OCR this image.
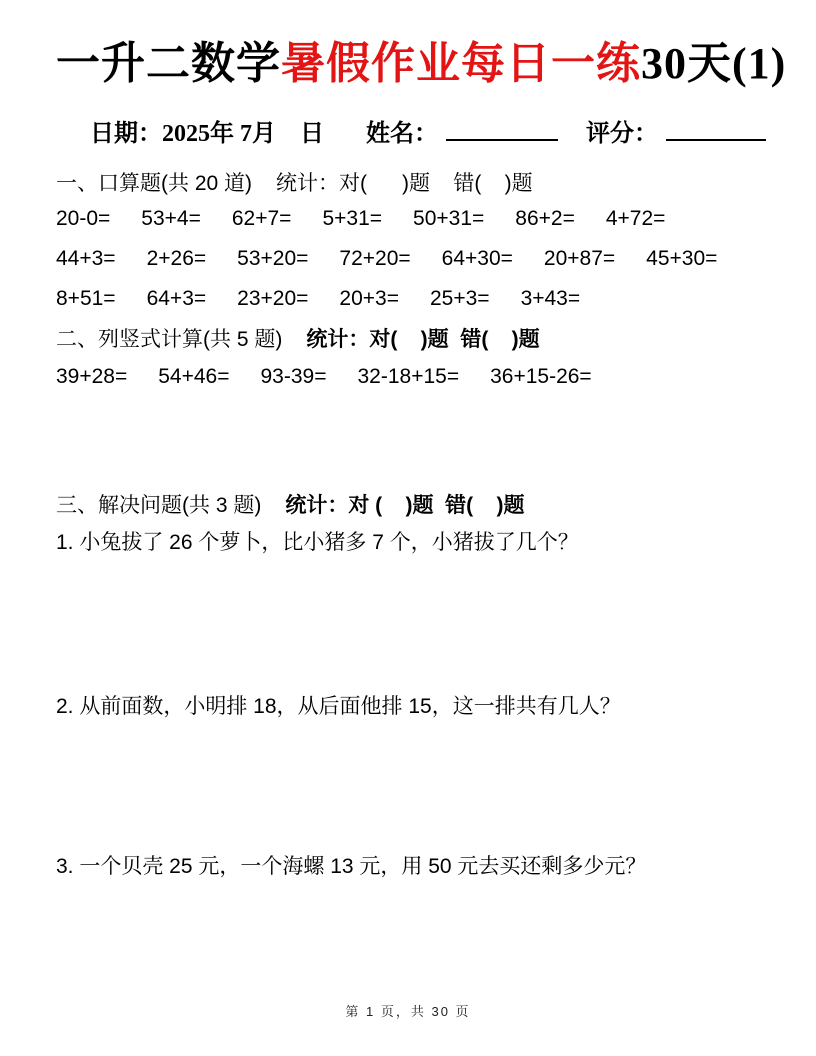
一升二数学暑假作业每日一练30天(1)
日期：2025年 7月    日 姓名：	评分：
一、口算题(共 20 道) 统计：对(      )题    错(    )题
20-0= 53+4= 62+7= 5+31= 50+31= 86+2= 4+72=
44+3= 2+26= 53+20= 72+20= 64+30= 20+87= 45+30=
8+51= 64+3= 23+20= 20+3= 25+3= 3+43=
二、列竖式计算(共 5 题) 统计：对(    )题  错(    )题
39+28= 54+46= 93-39= 32-18+15= 36+15-26=
三、解决问题(共 3 题) 统计：对 (    )题  错(    )题

1. 小兔拔了 26 个萝卜，比小猪多 7 个，小猪拔了几个？

2. 从前面数，小明排 18，从后面他排 15，这一排共有几人？

3. 一个贝壳 25 元，一个海螺 13 元，用 50 元去买还剩多少元？

第 1 页，共 30 页
